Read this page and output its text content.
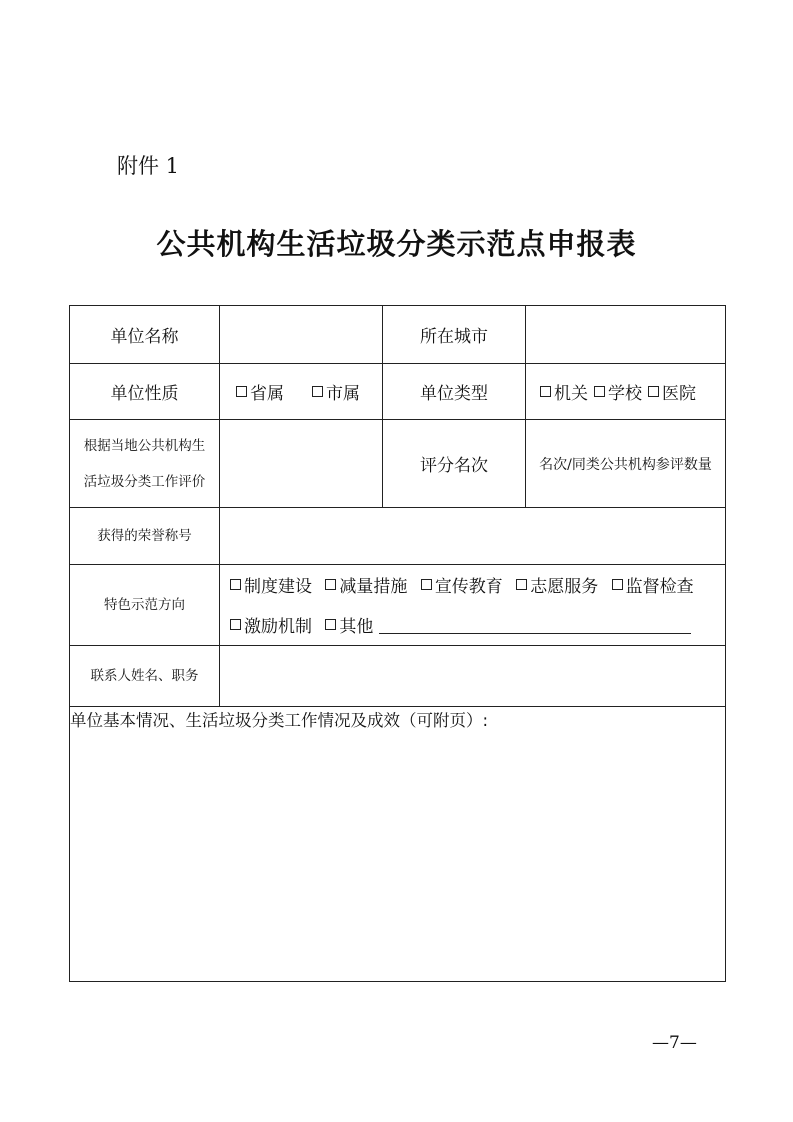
附件 1
公共机构生活垃圾分类示范点申报表
单位名称		所在城市	
单位性质	省属 市属	单位类型	机关 学校 医院

根据当地公共机构生
活垃圾分类工作评价		评分名次	名次/同类公共机构参评数量
获得的荣誉称号			
特色示范方向	制度建设 减量措施 宣传教育 志愿服务 监督检查
激励机制 其他		

联系人姓名、职务			
单位基本情况、生活垃圾分类工作情况及成效（可附页）:			
—7—
